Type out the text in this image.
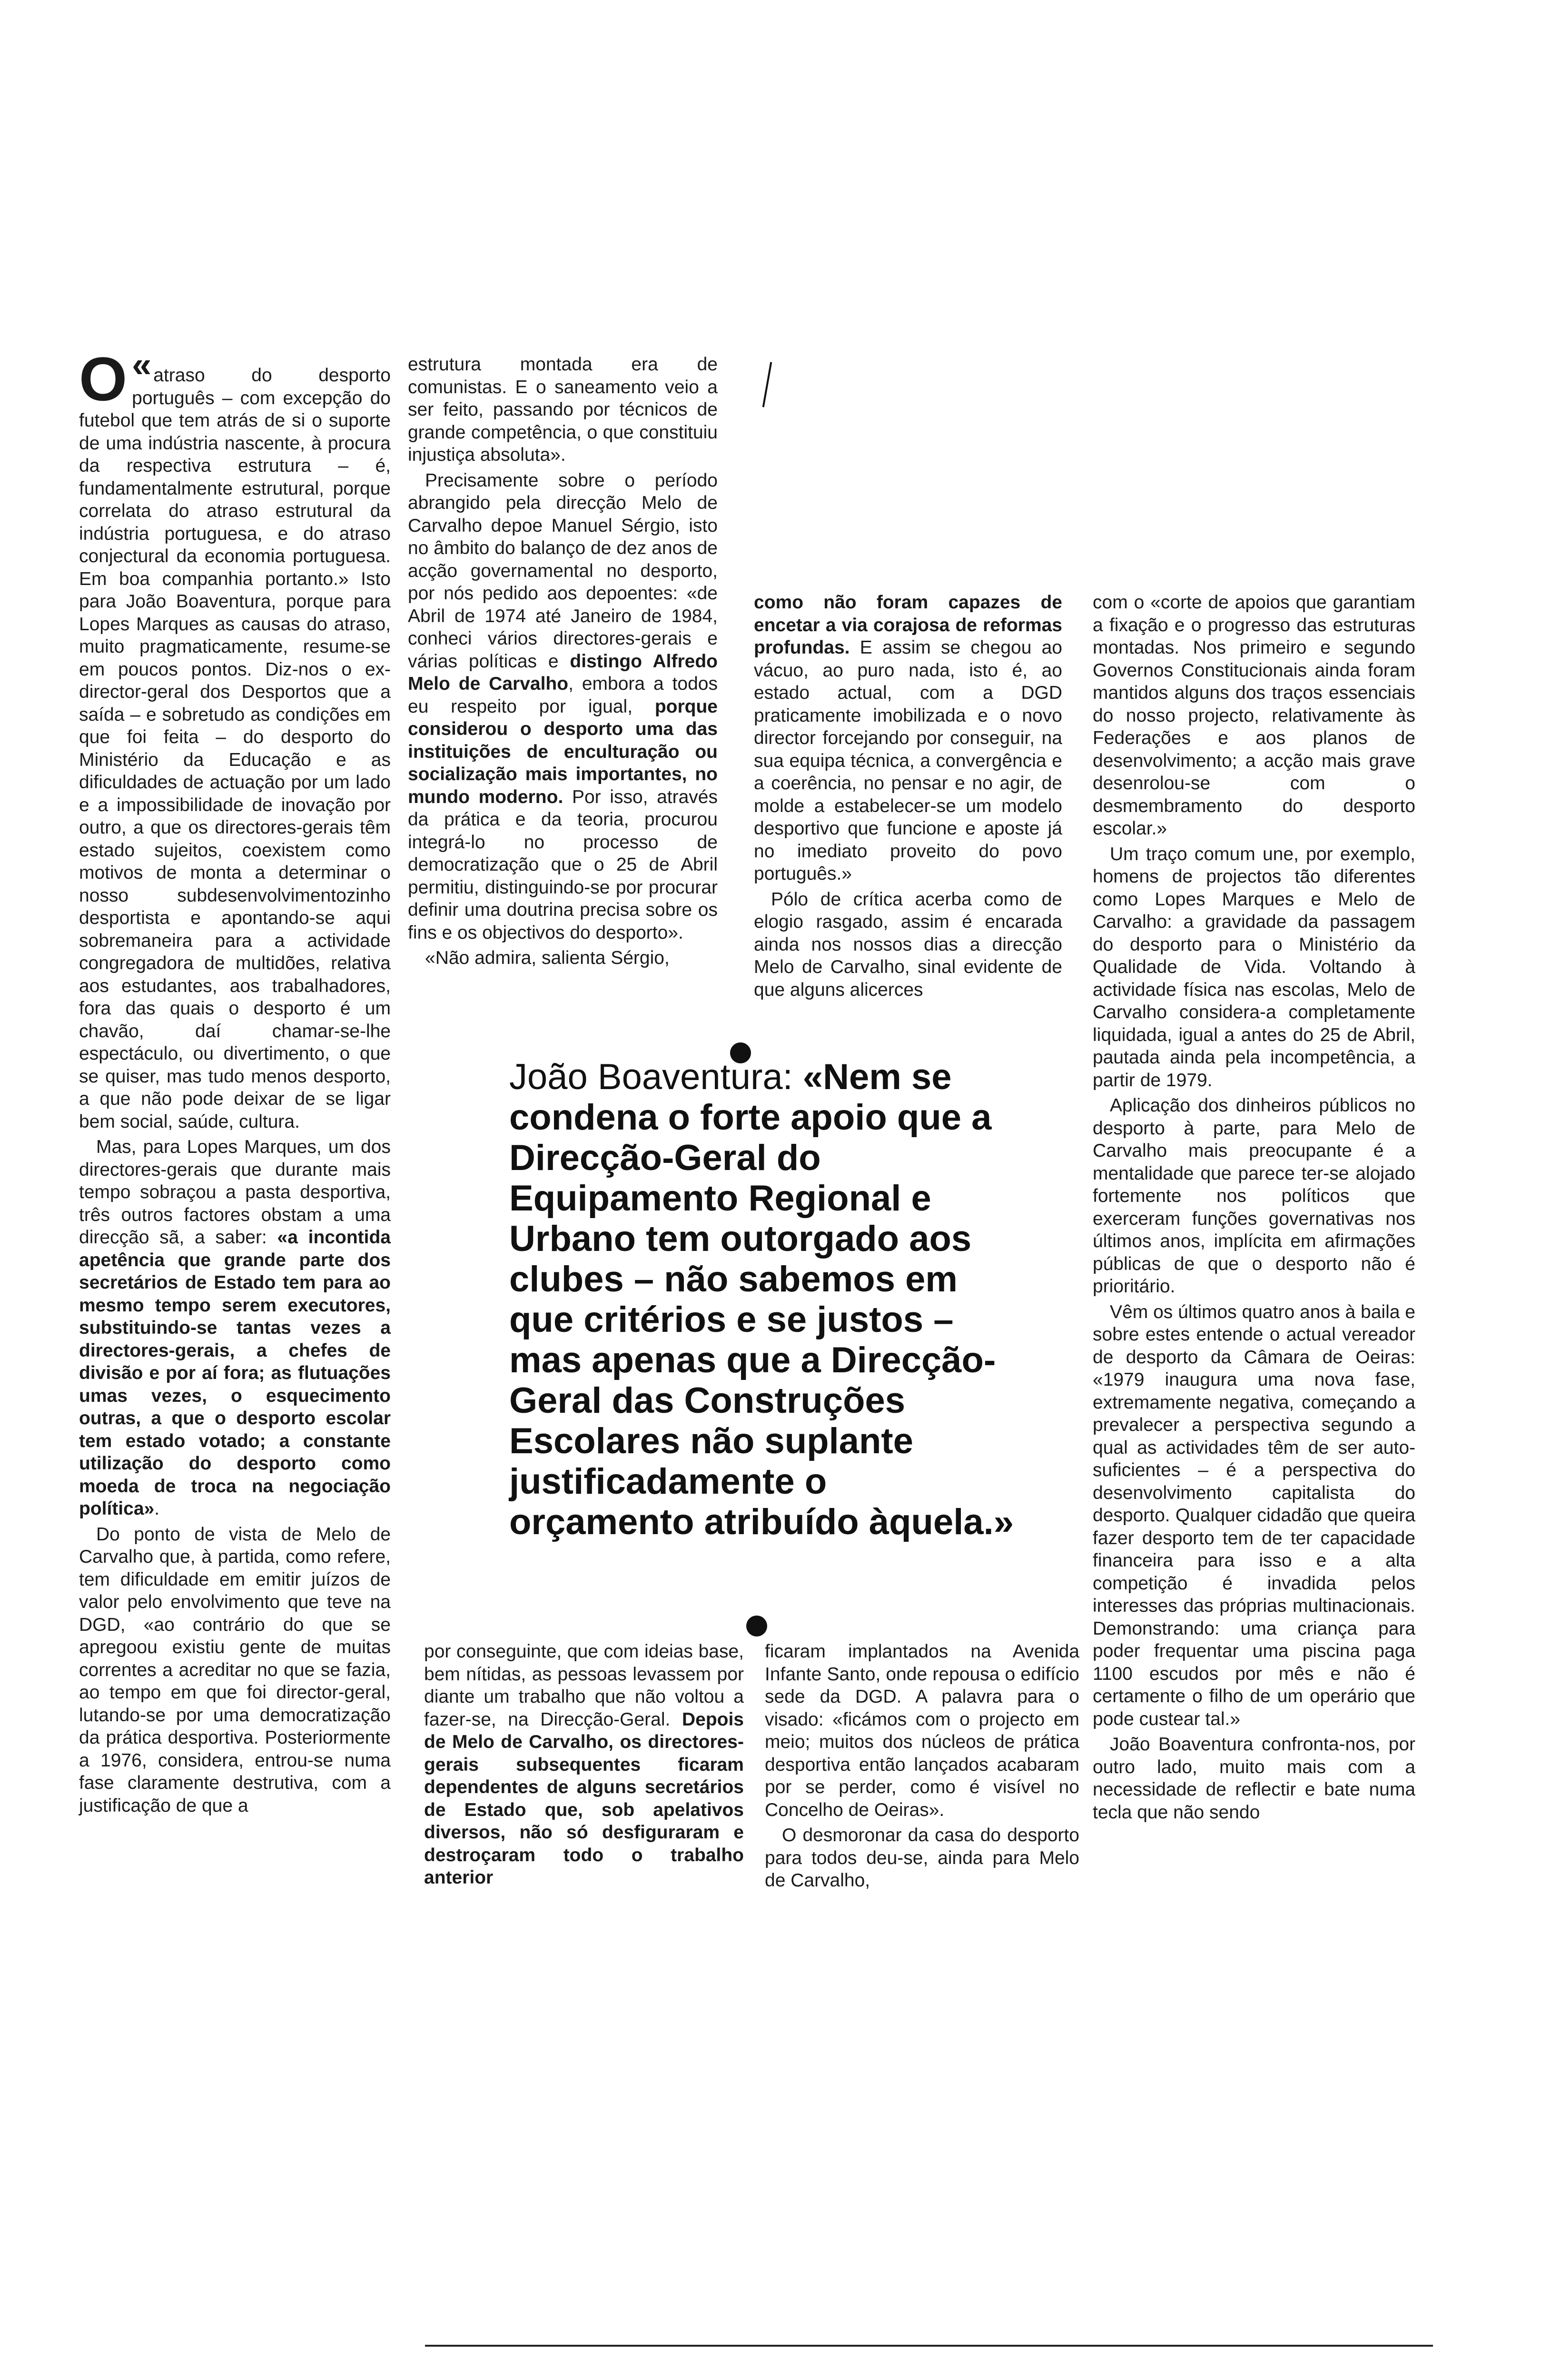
«
O atraso do desporto português – com excepção do futebol que tem atrás de si o suporte de uma indústria nascente, à procura da respectiva estrutura – é, fundamentalmente estrutural, porque correlata do atraso estrutural da indústria portuguesa, e do atraso conjectural da economia portuguesa. Em boa companhia portanto.» Isto para João Boaventura, porque para Lopes Marques as causas do atraso, muito pragmaticamente, resume-se em poucos pontos. Diz-nos o ex-director-geral dos Desportos que a saída – e sobretudo as condições em que foi feita – do desporto do Ministério da Educação e as dificuldades de actuação por um lado e a impossibilidade de inovação por outro, a que os directores-gerais têm estado sujeitos, coexistem como motivos de monta a determinar o nosso subdesenvolvimentozinho desportista e apontando-se aqui sobremaneira para a actividade congregadora de multidões, relativa aos estudantes, aos trabalhadores, fora das quais o desporto é um chavão, daí chamar-se-lhe espectáculo, ou divertimento, o que se quiser, mas tudo menos desporto, a que não pode deixar de se ligar bem social, saúde, cultura.

Mas, para Lopes Marques, um dos directores-gerais que durante mais tempo sobraçou a pasta desportiva, três outros factores obstam a uma direcção sã, a saber: «a incontida apetência que grande parte dos secretários de Estado tem para ao mesmo tempo serem executores, substituindo-se tantas vezes a directores-gerais, a chefes de divisão e por aí fora; as flutuações umas vezes, o esquecimento outras, a que o desporto escolar tem estado votado; a constante utilização do desporto como moeda de troca na negociação política».

Do ponto de vista de Melo de Carvalho que, à partida, como refere, tem dificuldade em emitir juízos de valor pelo envolvimento que teve na DGD, «ao contrário do que se apregoou existiu gente de muitas correntes a acreditar no que se fazia, ao tempo em que foi director-geral, lutando-se por uma democratização da prática desportiva. Posteriormente a 1976, considera, entrou-se numa fase claramente destrutiva, com a justificação de que a

estrutura montada era de comunistas. E o saneamento veio a ser feito, passando por técnicos de grande competência, o que constituiu injustiça absoluta».

Precisamente sobre o período abrangido pela direcção Melo de Carvalho depoe Manuel Sérgio, isto no âmbito do balanço de dez anos de acção governamental no desporto, por nós pedido aos depoentes: «de Abril de 1974 até Janeiro de 1984, conheci vários directores-gerais e várias políticas e distingo Alfredo Melo de Carvalho, embora a todos eu respeito por igual, porque considerou o desporto uma das instituições de enculturação ou socialização mais importantes, no mundo moderno. Por isso, através da prática e da teoria, procurou integrá-lo no processo de democratização que o 25 de Abril permitiu, distinguindo-se por procurar definir uma doutrina precisa sobre os fins e os objectivos do desporto».

«Não admira, salienta Sérgio,

como não foram capazes de encetar a via corajosa de reformas profundas. E assim se chegou ao vácuo, ao puro nada, isto é, ao estado actual, com a DGD praticamente imobilizada e o novo director forcejando por conseguir, na sua equipa técnica, a convergência e a coerência, no pensar e no agir, de molde a estabelecer-se um modelo desportivo que funcione e aposte já no imediato proveito do povo português.»

Pólo de crítica acerba como de elogio rasgado, assim é encarada ainda nos nossos dias a direcção Melo de Carvalho, sinal evidente de que alguns alicerces

com o «corte de apoios que garantiam a fixação e o progresso das estruturas montadas. Nos primeiro e segundo Governos Constitucionais ainda foram mantidos alguns dos traços essenciais do nosso projecto, relativamente às Federações e aos planos de desenvolvimento; a acção mais grave desenrolou-se com o desmembramento do desporto escolar.»

Um traço comum une, por exemplo, homens de projectos tão diferentes como Lopes Marques e Melo de Carvalho: a gravidade da passagem do desporto para o Ministério da Qualidade de Vida. Voltando à actividade física nas escolas, Melo de Carvalho considera-a completamente liquidada, igual a antes do 25 de Abril, pautada ainda pela incompetência, a partir de 1979.

Aplicação dos dinheiros públicos no desporto à parte, para Melo de Carvalho mais preocupante é a mentalidade que parece ter-se alojado fortemente nos políticos que exerceram funções governativas nos últimos anos, implícita em afirmações públicas de que o desporto não é prioritário.

Vêm os últimos quatro anos à baila e sobre estes entende o actual vereador de desporto da Câmara de Oeiras: «1979 inaugura uma nova fase, extremamente negativa, começando a prevalecer a perspectiva segundo a qual as actividades têm de ser auto-suficientes – é a perspectiva do desenvolvimento capitalista do desporto. Qualquer cidadão que queira fazer desporto tem de ter capacidade financeira para isso e a alta competição é invadida pelos interesses das próprias multinacionais. Demonstrando: uma criança para poder frequentar uma piscina paga 1100 escudos por mês e não é certamente o filho de um operário que pode custear tal.»

João Boaventura confronta-nos, por outro lado, muito mais com a necessidade de reflectir e bate numa tecla que não sendo

João Boaventura: «Nem se condena o forte apoio que a Direcção-Geral do Equipamento Regional e Urbano tem outorgado aos clubes – não sabemos em que critérios e se justos – mas apenas que a Direcção-Geral das Construções Escolares não suplante justificadamente o orçamento atribuído àquela.»

por conseguinte, que com ideias base, bem nítidas, as pessoas levassem por diante um trabalho que não voltou a fazer-se, na Direcção-Geral. Depois de Melo de Carvalho, os directores-gerais subsequentes ficaram dependentes de alguns secretários de Estado que, sob apelativos diversos, não só desfiguraram e destroçaram todo o trabalho anterior

ficaram implantados na Avenida Infante Santo, onde repousa o edifício sede da DGD. A palavra para o visado: «ficámos com o projecto em meio; muitos dos núcleos de prática desportiva então lançados acabaram por se perder, como é visível no Concelho de Oeiras».

O desmoronar da casa do desporto para todos deu-se, ainda para Melo de Carvalho,
